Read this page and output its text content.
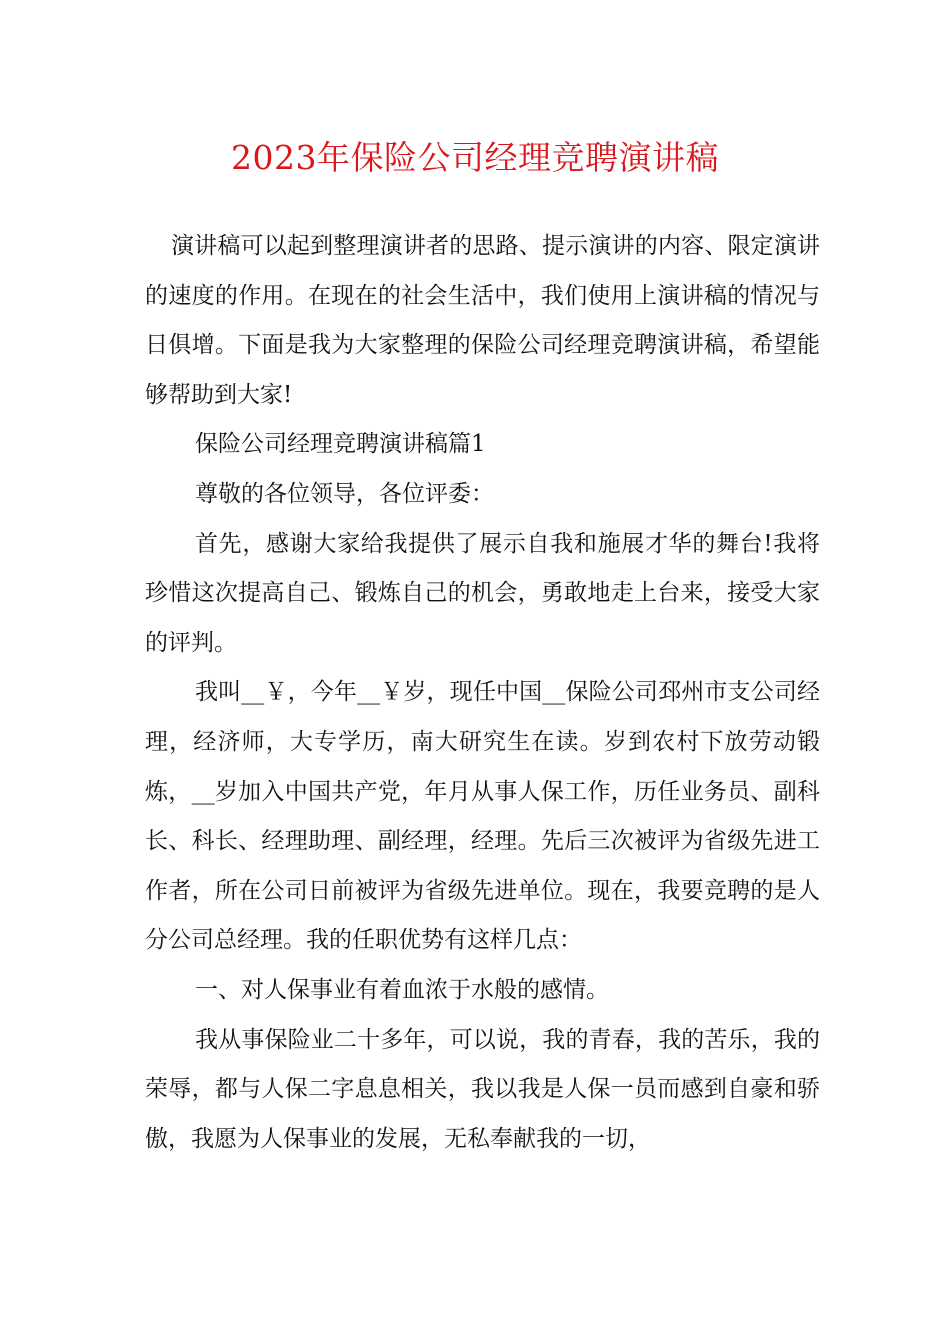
2023年保险公司经理竞聘演讲稿

演讲稿可以起到整理演讲者的思路、提示演讲的内容、限定演讲的速度的作用。在现在的社会生活中，我们使用上演讲稿的情况与日俱增。下面是我为大家整理的保险公司经理竞聘演讲稿，希望能够帮助到大家!

保险公司经理竞聘演讲稿篇1

尊敬的各位领导，各位评委：

首先，感谢大家给我提供了展示自我和施展才华的舞台!我将珍惜这次提高自己、锻炼自己的机会，勇敢地走上台来，接受大家的评判。

我叫__￥，今年__￥岁，现任中国__保险公司邳州市支公司经理，经济师，大专学历，南大研究生在读。岁到农村下放劳动锻炼，__岁加入中国共产党，年月从事人保工作，历任业务员、副科长、科长、经理助理、副经理，经理。先后三次被评为省级先进工作者，所在公司日前被评为省级先进单位。现在，我要竞聘的是人分公司总经理。我的任职优势有这样几点：

一、对人保事业有着血浓于水般的感情。

我从事保险业二十多年，可以说，我的青春，我的苦乐，我的荣辱，都与人保二字息息相关，我以我是人保一员而感到自豪和骄傲，我愿为人保事业的发展，无私奉献我的一切，
